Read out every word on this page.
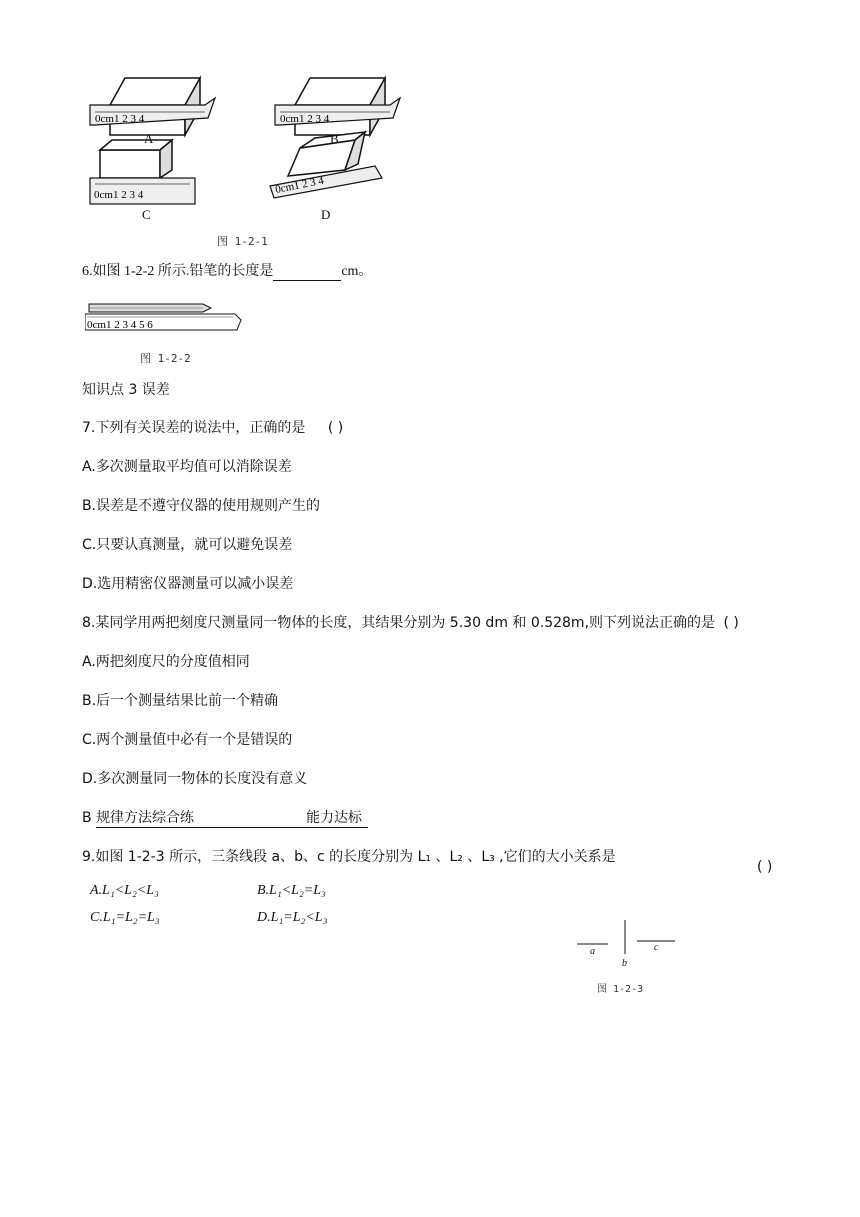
0cm1 2 3 4	0cm1 2 3 4
0cm1 2 3 4	0cm1 2 3 4
A	B
C	D
图 1-2-1
6.如图 1-2-2 所示.铅笔的长度是	cm。
0cm1 2 3 4 5 6
图 1-2-2
知识点 3 误差
7.下列有关误差的说法中，正确的是 ( )
A.多次测量取平均值可以消除误差
B.误差是不遵守仪器的使用规则产生的
C.只要认真测量，就可以避免误差
D.选用精密仪器测量可以减小误差
8.某同学用两把刻度尺测量同一物体的长度，其结果分别为 5.30 dm 和 0.528m,则下列说法正确的是 ( )
A.两把刻度尺的分度值相同
B.后一个测量结果比前一个精确
C.两个测量值中必有一个是错误的
D.多次测量同一物体的长度没有意义
B 规律方法综合练	能力达标
9.如图 1-2-3 所示，三条线段 a、b、c 的长度分别为 L₁ 、L₂ 、L₃ ,它们的大小关系是
( )
A.L₁<L₂<L₃	B.L₁<L₂=L₃
C.L₁=L₂=L₃	D.L₁=L₂<L₃
a
b
c
图 1-2-3
